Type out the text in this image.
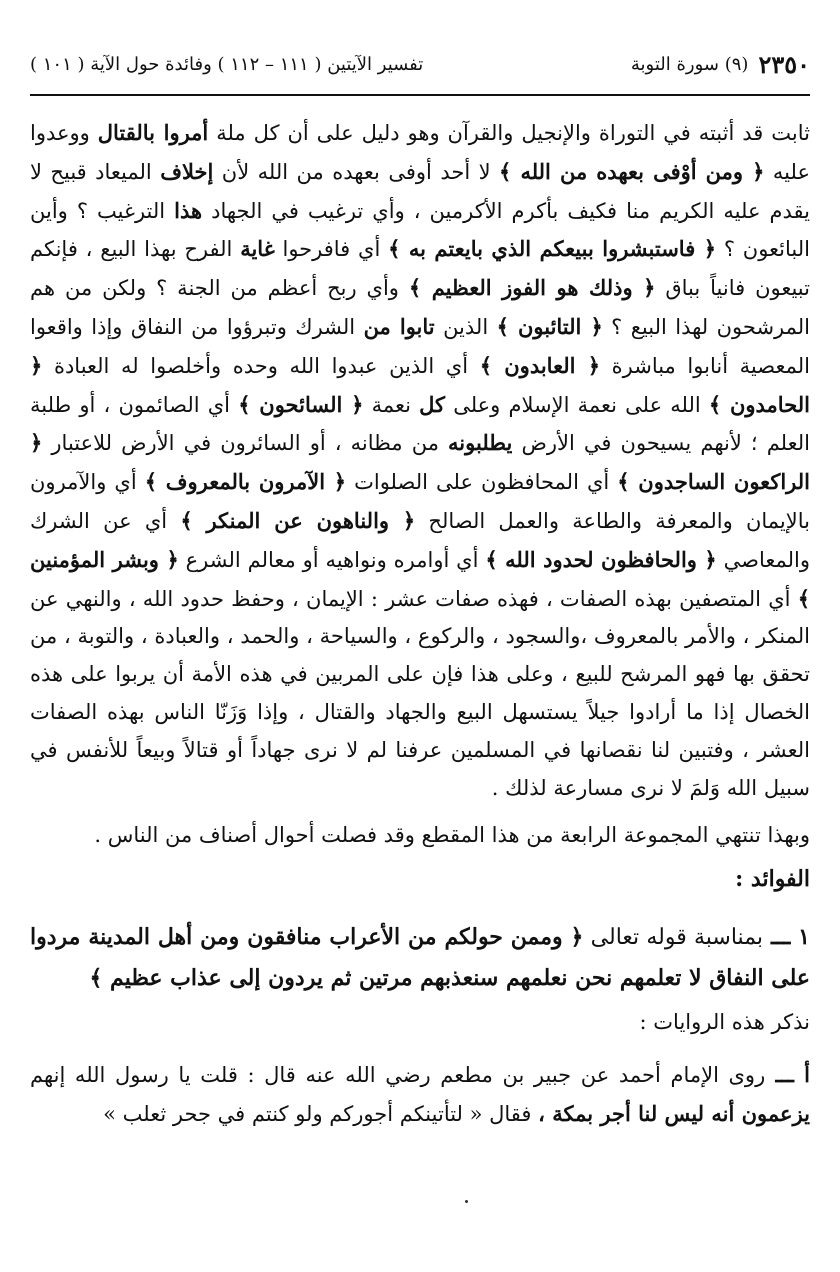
٢٣٥٠
(٩) سورة التوبة
تفسير الآيتين ( ١١١ – ١١٢ ) وفائدة حول الآية ( ١٠١ )

ثابت قد أثبته في التوراة والإنجيل والقرآن وهو دليل على أن كل ملة أمروا بالقتال ووعدوا عليه ﴿ ومن أوْفى بعهده من الله ﴾ لا أحد أوفى بعهده من الله لأن إخلاف الميعاد قبيح لا يقدم عليه الكريم منا فكيف بأكرم الأكرمين ، وأي ترغيب في الجهاد هذا الترغيب ؟ وأين البائعون ؟ ﴿ فاستبشروا ببيعكم الذي بايعتم به ﴾ أي فافرحوا غاية الفرح بهذا البيع ، فإنكم تبيعون فانياً بباق ﴿ وذلك هو الفوز العظيم ﴾ وأي ربح أعظم من الجنة ؟ ولكن من هم المرشحون لهذا البيع ؟ ﴿ التائبون ﴾ الذين تابوا من الشرك وتبرؤوا من النفاق وإذا واقعوا المعصية أنابوا مباشرة ﴿ العابدون ﴾ أي الذين عبدوا الله وحده وأخلصوا له العبادة ﴿ الحامدون ﴾ الله على نعمة الإسلام وعلى كل نعمة ﴿ السائحون ﴾ أي الصائمون ، أو طلبة العلم ؛ لأنهم يسيحون في الأرض يطلبونه من مظانه ، أو السائرون في الأرض للاعتبار ﴿ الراكعون الساجدون ﴾ أي المحافظون على الصلوات ﴿ الآمرون بالمعروف ﴾ أي والآمرون بالإيمان والمعرفة والطاعة والعمل الصالح ﴿ والناهون عن المنكر ﴾ أي عن الشرك والمعاصي ﴿ والحافظون لحدود الله ﴾ أي أوامره ونواهيه أو معالم الشرع ﴿ وبشر المؤمنين ﴾ أي المتصفين بهذه الصفات ، فهذه صفات عشر : الإيمان ، وحفظ حدود الله ، والنهي عن المنكر ، والأمر بالمعروف ،والسجود ، والركوع ، والسياحة ، والحمد ، والعبادة ، والتوبة ، من تحقق بها فهو المرشح للبيع ، وعلى هذا فإن على المربين في هذه الأمة أن يربوا على هذه الخصال إذا ما أرادوا جيلاً يستسهل البيع والجهاد والقتال ، وإذا وَزَنّا الناس بهذه الصفات العشر ، وفتبين لنا نقصانها في المسلمين عرفنا لم لا نرى جهاداً أو قتالاً وبيعاً للأنفس في سبيل الله وَلمَ لا نرى مسارعة لذلك .

وبهذا تنتهي المجموعة الرابعة من هذا المقطع وقد فصلت أحوال أصناف من الناس .

الفوائد :

١ ـــ بمناسبة قوله تعالى ﴿ وممن حولكم من الأعراب منافقون ومن أهل المدينة مردوا على النفاق لا تعلمهم نحن نعلمهم سنعذبهم مرتين ثم يردون إلى عذاب عظيم ﴾

نذكر هذه الروايات :

أ ـــ روى الإمام أحمد عن جبير بن مطعم رضي الله عنه قال : قلت يا رسول الله إنهم يزعمون أنه ليس لنا أجر بمكة ، فقال « لتأتينكم أجوركم ولو كنتم في جحر ثعلب »
